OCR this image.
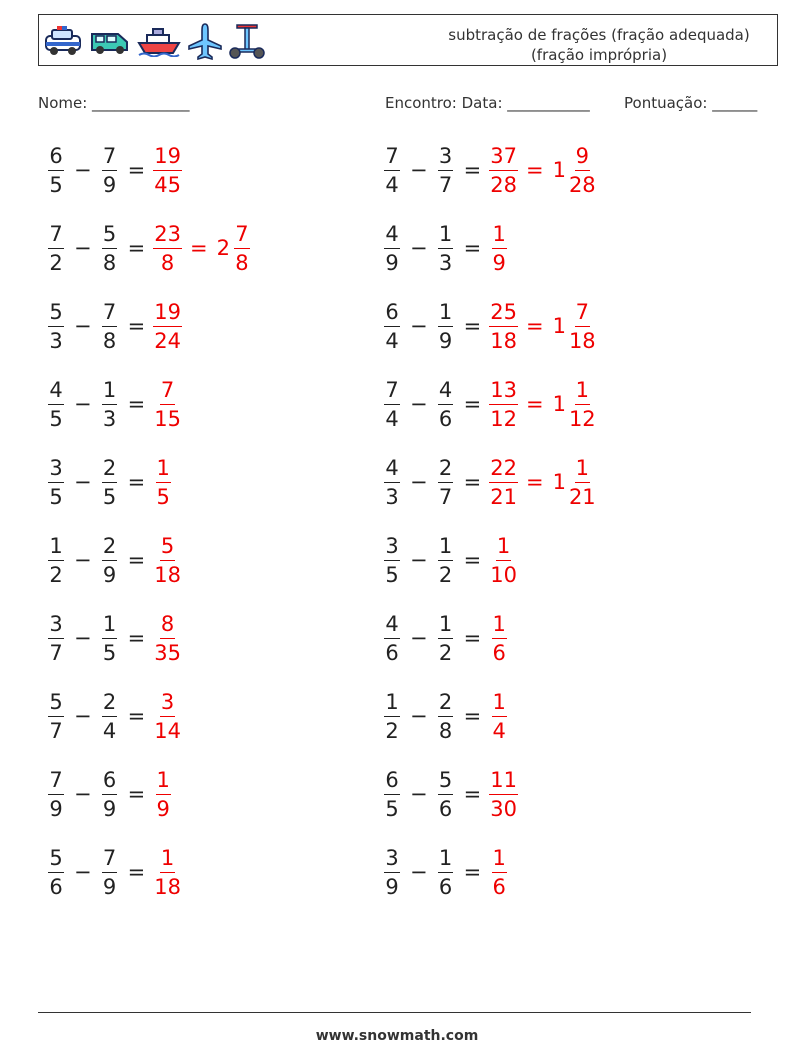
subtração de frações (fração adequada)
(fração imprópria)
Nome: _____________	Encontro: Data: ___________ Pontuação: ______
$\frac{6}{5} - \frac{7}{9} = \frac{19}{45}$	$\frac{7}{4} - \frac{3}{7} = \frac{37}{28} = 1 \frac{9}{28}$
$\frac{7}{2} - \frac{5}{8} = \frac{23}{8} = 2 \frac{7}{8}$	$\frac{4}{9} - \frac{1}{3} = \frac{1}{9}$
$\frac{5}{3} - \frac{7}{8} = \frac{19}{24}$	$\frac{6}{4} - \frac{1}{9} = \frac{25}{18} = 1 \frac{7}{18}$
$\frac{4}{5} - \frac{1}{3} = \frac{7}{15}$	$\frac{7}{4} - \frac{4}{6} = \frac{13}{12} = 1 \frac{1}{12}$
$\frac{3}{5} - \frac{2}{5} = \frac{1}{5}$	$\frac{4}{3} - \frac{2}{7} = \frac{22}{21} = 1 \frac{1}{21}$
$\frac{1}{2} - \frac{2}{9} = \frac{5}{18}$	$\frac{3}{5} - \frac{1}{2} = \frac{1}{10}$
$\frac{3}{7} - \frac{1}{5} = \frac{8}{35}$	$\frac{4}{6} - \frac{1}{2} = \frac{1}{6}$
$\frac{5}{7} - \frac{2}{4} = \frac{3}{14}$	$\frac{1}{2} - \frac{2}{8} = \frac{1}{4}$
$\frac{7}{9} - \frac{6}{9} = \frac{1}{9}$	$\frac{6}{5} - \frac{5}{6} = \frac{11}{30}$
$\frac{5}{6} - \frac{7}{9} = \frac{1}{18}$	$\frac{3}{9} - \frac{1}{6} = \frac{1}{6}$
www.snowmath.com
